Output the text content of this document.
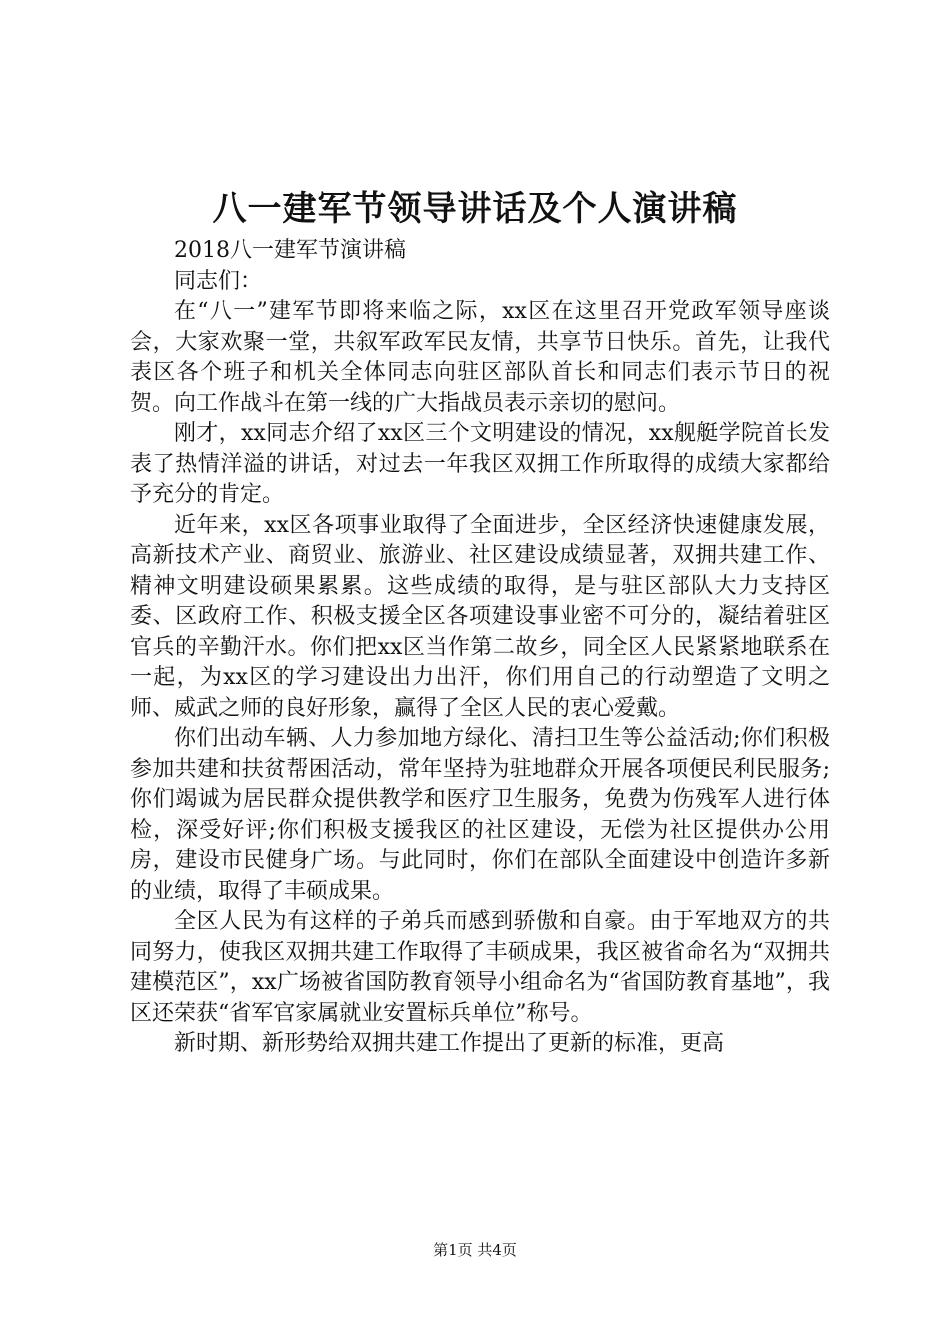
八一建军节领导讲话及个人演讲稿

2018八一建军节演讲稿

同志们：

在“八一”建军节即将来临之际，xx区在这里召开党政军领导座谈会，大家欢聚一堂，共叙军政军民友情，共享节日快乐。首先，让我代表区各个班子和机关全体同志向驻区部队首长和同志们表示节日的祝贺。向工作战斗在第一线的广大指战员表示亲切的慰问。

刚才，xx同志介绍了xx区三个文明建设的情况，xx舰艇学院首长发表了热情洋溢的讲话，对过去一年我区双拥工作所取得的成绩大家都给予充分的肯定。

近年来，xx区各项事业取得了全面进步，全区经济快速健康发展，高新技术产业、商贸业、旅游业、社区建设成绩显著，双拥共建工作、精神文明建设硕果累累。这些成绩的取得，是与驻区部队大力支持区委、区政府工作、积极支援全区各项建设事业密不可分的，凝结着驻区官兵的辛勤汗水。你们把xx区当作第二故乡，同全区人民紧紧地联系在一起，为xx区的学习建设出力出汗，你们用自己的行动塑造了文明之师、威武之师的良好形象，赢得了全区人民的衷心爱戴。

你们出动车辆、人力参加地方绿化、清扫卫生等公益活动;你们积极参加共建和扶贫帮困活动，常年坚持为驻地群众开展各项便民利民服务;你们竭诚为居民群众提供教学和医疗卫生服务，免费为伤残军人进行体检，深受好评;你们积极支援我区的社区建设，无偿为社区提供办公用房，建设市民健身广场。与此同时，你们在部队全面建设中创造许多新的业绩，取得了丰硕成果。

全区人民为有这样的子弟兵而感到骄傲和自豪。由于军地双方的共同努力，使我区双拥共建工作取得了丰硕成果，我区被省命名为“双拥共建模范区”，xx广场被省国防教育领导小组命名为“省国防教育基地”，我区还荣获“省军官家属就业安置标兵单位”称号。

新时期、新形势给双拥共建工作提出了更新的标准，更高

第1页 共4页
